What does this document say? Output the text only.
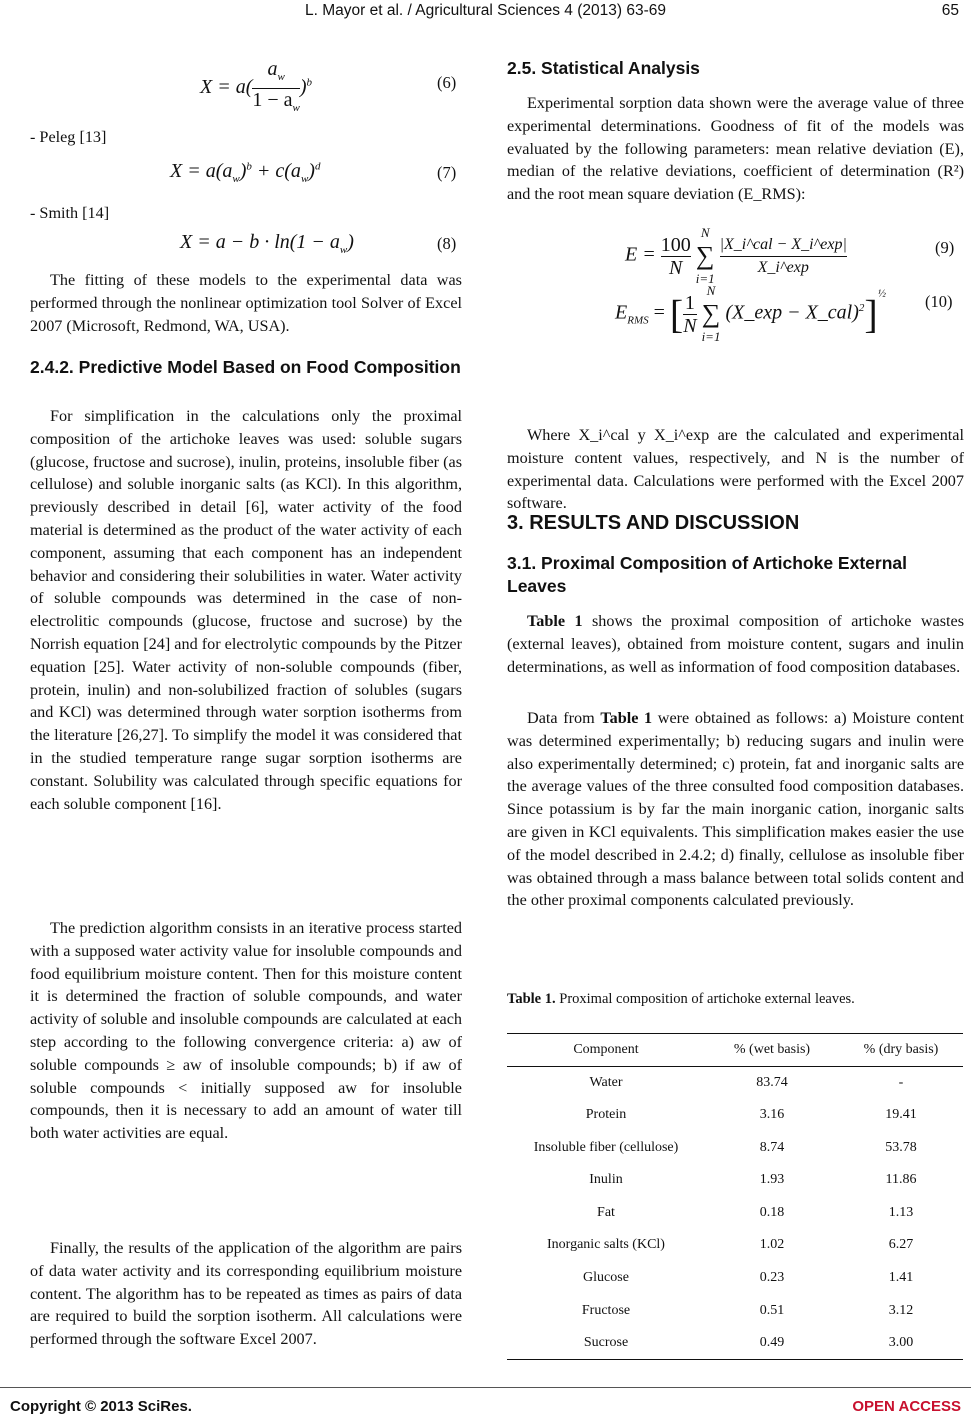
L. Mayor et al. / Agricultural Sciences 4 (2013) 63-69	65
$X = a( \frac{a_w}{1 - a_w} )^b$	(6)
- Peleg [13]
$X = a(a_w)^b + c(a_w)^d$	(7)
- Smith [14]
$X = a - b \cdot \ln(1 - a_w)$	(8)
The fitting of these models to the experimental data was performed through the nonlinear optimization tool Solver of Excel 2007 (Microsoft, Redmond, WA, USA).
2.4.2. Predictive Model Based on Food Composition
For simplification in the calculations only the proximal composition of the artichoke leaves was used: soluble sugars (glucose, fructose and sucrose), inulin, proteins, insoluble fiber (as cellulose) and soluble inorganic salts (as KCl). In this algorithm, previously described in detail [6], water activity of the food material is determined as the product of the water activity of each component, assuming that each component has an independent behavior and considering their solubilities in water. Water activity of soluble compounds was determined in the case of non-electrolitic compounds (glucose, fructose and sucrose) by the Norrish equation [24] and for electrolytic compounds by the Pitzer equation [25]. Water activity of non-soluble compounds (fiber, protein, inulin) and non-solubilized fraction of solubles (sugars and KCl) was determined through water sorption isotherms from the literature [26,27]. To simplify the model it was considered that in the studied temperature range sugar sorption isotherms are constant. Solubility was calculated through specific equations for each soluble component [16].
The prediction algorithm consists in an iterative process started with a supposed water activity value for insoluble compounds and food equilibrium moisture content. Then for this moisture content it is determined the fraction of soluble compounds, and water activity of soluble and insoluble compounds are calculated at each step according to the following convergence criteria: a) aw of soluble compounds ≥ aw of insoluble compounds; b) if aw of soluble compounds < initially supposed aw for insoluble compounds, then it is necessary to add an amount of water till both water activities are equal.
Finally, the results of the application of the algorithm are pairs of data water activity and its corresponding equilibrium moisture content. The algorithm has to be repeated as times as pairs of data are required to build the sorption isotherm. All calculations were performed through the software Excel 2007.
2.5. Statistical Analysis
Experimental sorption data shown were the average value of three experimental determinations. Goodness of fit of the models was evaluated by the following parameters: mean relative deviation (E), median of the relative deviations, coefficient of determination (R²) and the root mean square deviation (E_RMS):
$E = \frac{100}{N}$

N
∑
i=1
$\frac{\text{|X\_i\textasciicircum{}cal − X\_i\textasciicircum{}exp|}}{X\_i\^{}\exp}$	(9)
$E_{RMS}$ = [ $\frac{1}{N}$

N
∑
i=1
(X_exp − X_cal)$^2$]$^{\frac{1}{2}}$ (10)
Where X_i^cal y X_i^exp are the calculated and experimental moisture content values, respectively, and N is the number of experimental data. Calculations were performed with the Excel 2007 software.
3. RESULTS AND DISCUSSION
3.1. Proximal Composition of Artichoke External Leaves
Table 1 shows the proximal composition of artichoke wastes (external leaves), obtained from moisture content, sugars and inulin determinations, as well as information of food composition databases.
Data from Table 1 were obtained as follows: a) Moisture content was determined experimentally; b) reducing sugars and inulin were also experimentally determined; c) protein, fat and inorganic salts are the average values of the three consulted food composition databases. Since potassium is by far the main inorganic cation, inorganic salts are given in KCl equivalents. This simplification makes easier the use of the model described in 2.4.2; d) finally, cellulose as insoluble fiber was obtained through a mass balance between total solids content and the other proximal components calculated previously.
Table 1. Proximal composition of artichoke external leaves.
Component	% (wet basis)	% (dry basis)
Water	83.74	-
Protein	3.16	19.41
Insoluble fiber (cellulose)	8.74	53.78
Inulin	1.93	11.86
Fat	0.18	1.13
Inorganic salts (KCl)	1.02	6.27
Glucose	0.23	1.41
Fructose	0.51	3.12
Sucrose	0.49	3.00
Copyright © 2013 SciRes.	OPEN ACCESS
